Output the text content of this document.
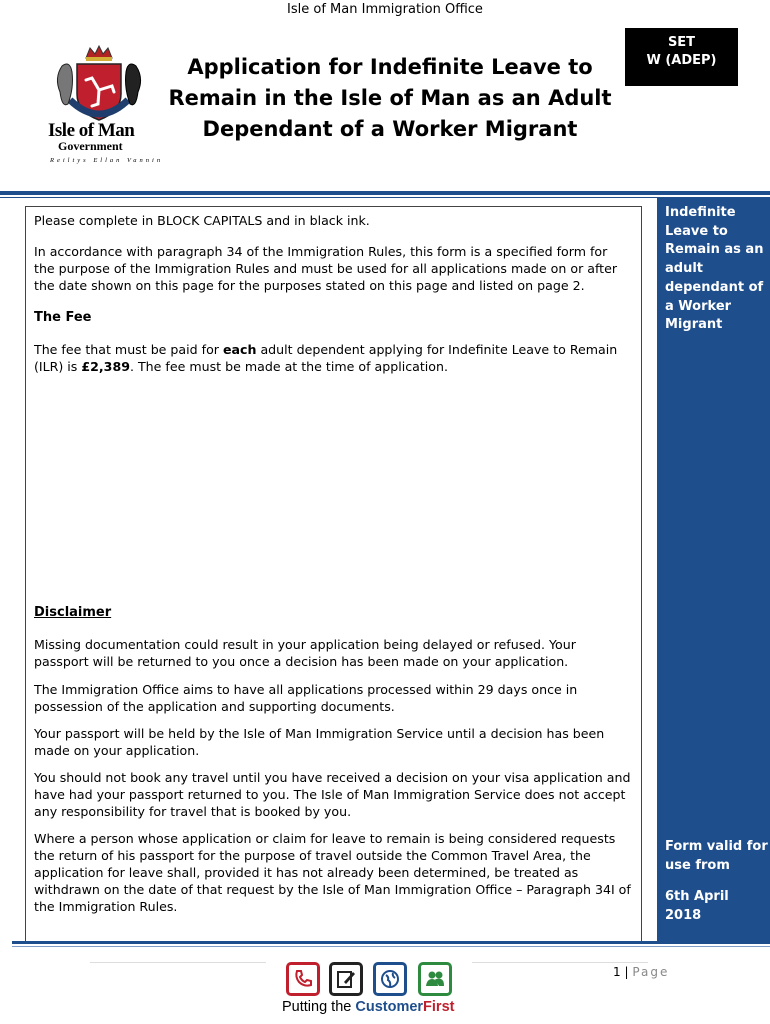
Isle of Man Immigration Office
Isle of Man
Government
Reiltys Ellan Vannin
Application for Indefinite Leave to Remain in the Isle of Man as an Adult Dependant of a Worker Migrant
SET
W (ADEP)
Please complete in BLOCK CAPITALS and in black ink.
In accordance with paragraph 34 of the Immigration Rules, this form is a specified form for the purpose of the Immigration Rules and must be used for all applications made on or after the date shown on this page for the purposes stated on this page and listed on page 2.
The Fee
The fee that must be paid for each adult dependent applying for Indefinite Leave to Remain (ILR) is £2,389. The fee must be made at the time of application.
Disclaimer
Missing documentation could result in your application being delayed or refused. Your passport will be returned to you once a decision has been made on your application.
The Immigration Office aims to have all applications processed within 29 days once in possession of the application and supporting documents.
Your passport will be held by the Isle of Man Immigration Service until a decision has been made on your application.
You should not book any travel until you have received a decision on your visa application and have had your passport returned to you. The Isle of Man Immigration Service does not accept any responsibility for travel that is booked by you.
Where a person whose application or claim for leave to remain is being considered requests the return of his passport for the purpose of travel outside the Common Travel Area, the application for leave shall, provided it has not already been determined, be treated as withdrawn on the date of that request by the Isle of Man Immigration Office – Paragraph 34I of the Immigration Rules.
Indefinite Leave to Remain as an adult dependant of a Worker Migrant
Form valid for use from
6th April 2018
Putting the CustomerFirst
1 | Page
